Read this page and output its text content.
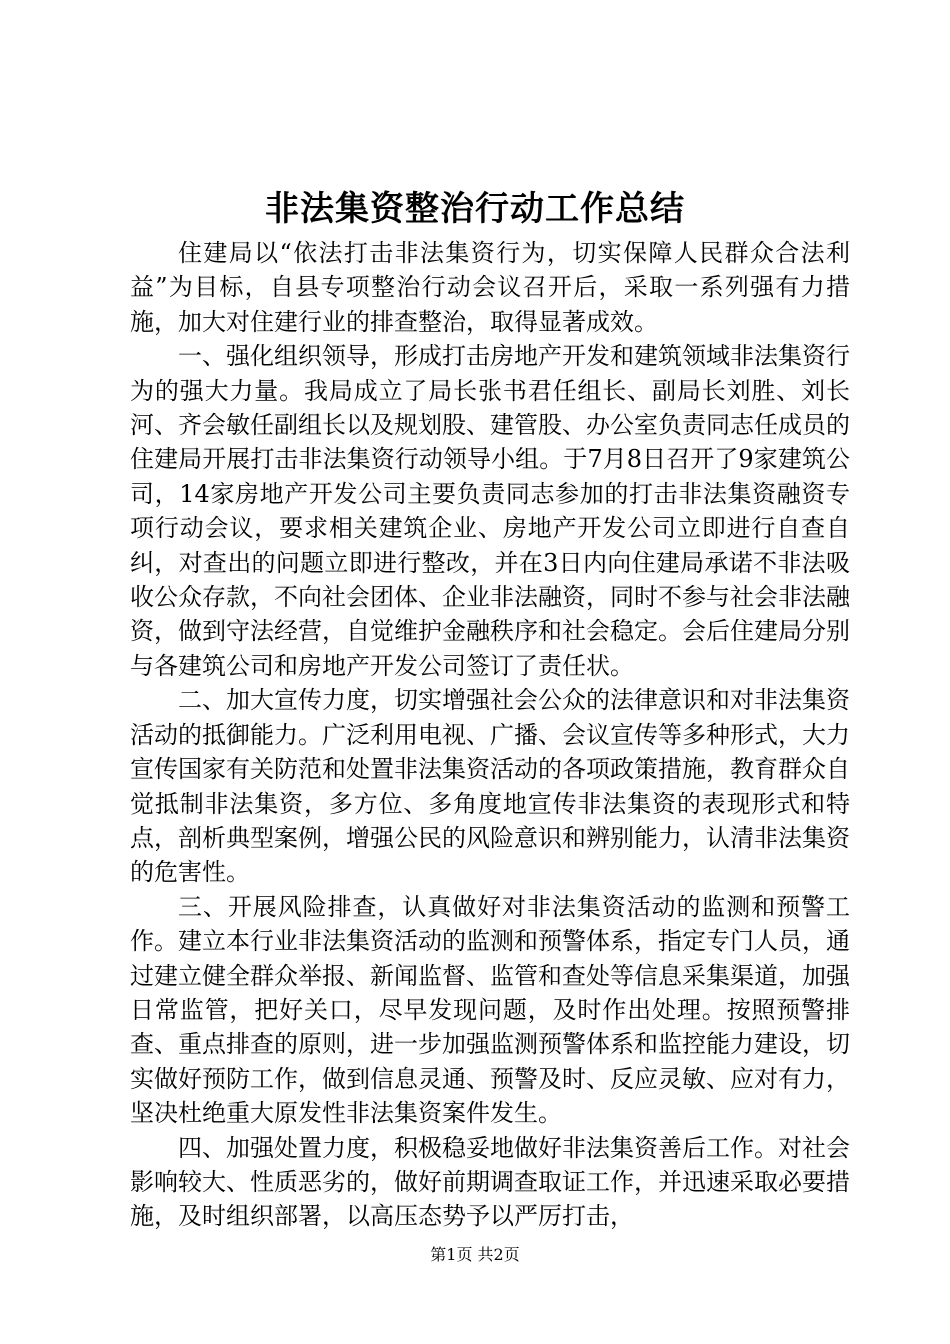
非法集资整治行动工作总结

住建局以“依法打击非法集资行为，切实保障人民群众合法利益”为目标，自县专项整治行动会议召开后，采取一系列强有力措施，加大对住建行业的排查整治，取得显著成效。

一、强化组织领导，形成打击房地产开发和建筑领域非法集资行为的强大力量。我局成立了局长张书君任组长、副局长刘胜、刘长河、齐会敏任副组长以及规划股、建管股、办公室负责同志任成员的住建局开展打击非法集资行动领导小组。于7月8日召开了9家建筑公司，14家房地产开发公司主要负责同志参加的打击非法集资融资专项行动会议，要求相关建筑企业、房地产开发公司立即进行自查自纠，对查出的问题立即进行整改，并在3日内向住建局承诺不非法吸收公众存款，不向社会团体、企业非法融资，同时不参与社会非法融资，做到守法经营，自觉维护金融秩序和社会稳定。会后住建局分别与各建筑公司和房地产开发公司签订了责任状。

二、加大宣传力度，切实增强社会公众的法律意识和对非法集资活动的抵御能力。广泛利用电视、广播、会议宣传等多种形式，大力宣传国家有关防范和处置非法集资活动的各项政策措施，教育群众自觉抵制非法集资，多方位、多角度地宣传非法集资的表现形式和特点，剖析典型案例，增强公民的风险意识和辨别能力，认清非法集资的危害性。

三、开展风险排查，认真做好对非法集资活动的监测和预警工作。建立本行业非法集资活动的监测和预警体系，指定专门人员，通过建立健全群众举报、新闻监督、监管和查处等信息采集渠道，加强日常监管，把好关口，尽早发现问题，及时作出处理。按照预警排查、重点排查的原则，进一步加强监测预警体系和监控能力建设，切实做好预防工作，做到信息灵通、预警及时、反应灵敏、应对有力，坚决杜绝重大原发性非法集资案件发生。

四、加强处置力度，积极稳妥地做好非法集资善后工作。对社会影响较大、性质恶劣的，做好前期调查取证工作，并迅速采取必要措施，及时组织部署，以高压态势予以严厉打击，

第1页 共2页
